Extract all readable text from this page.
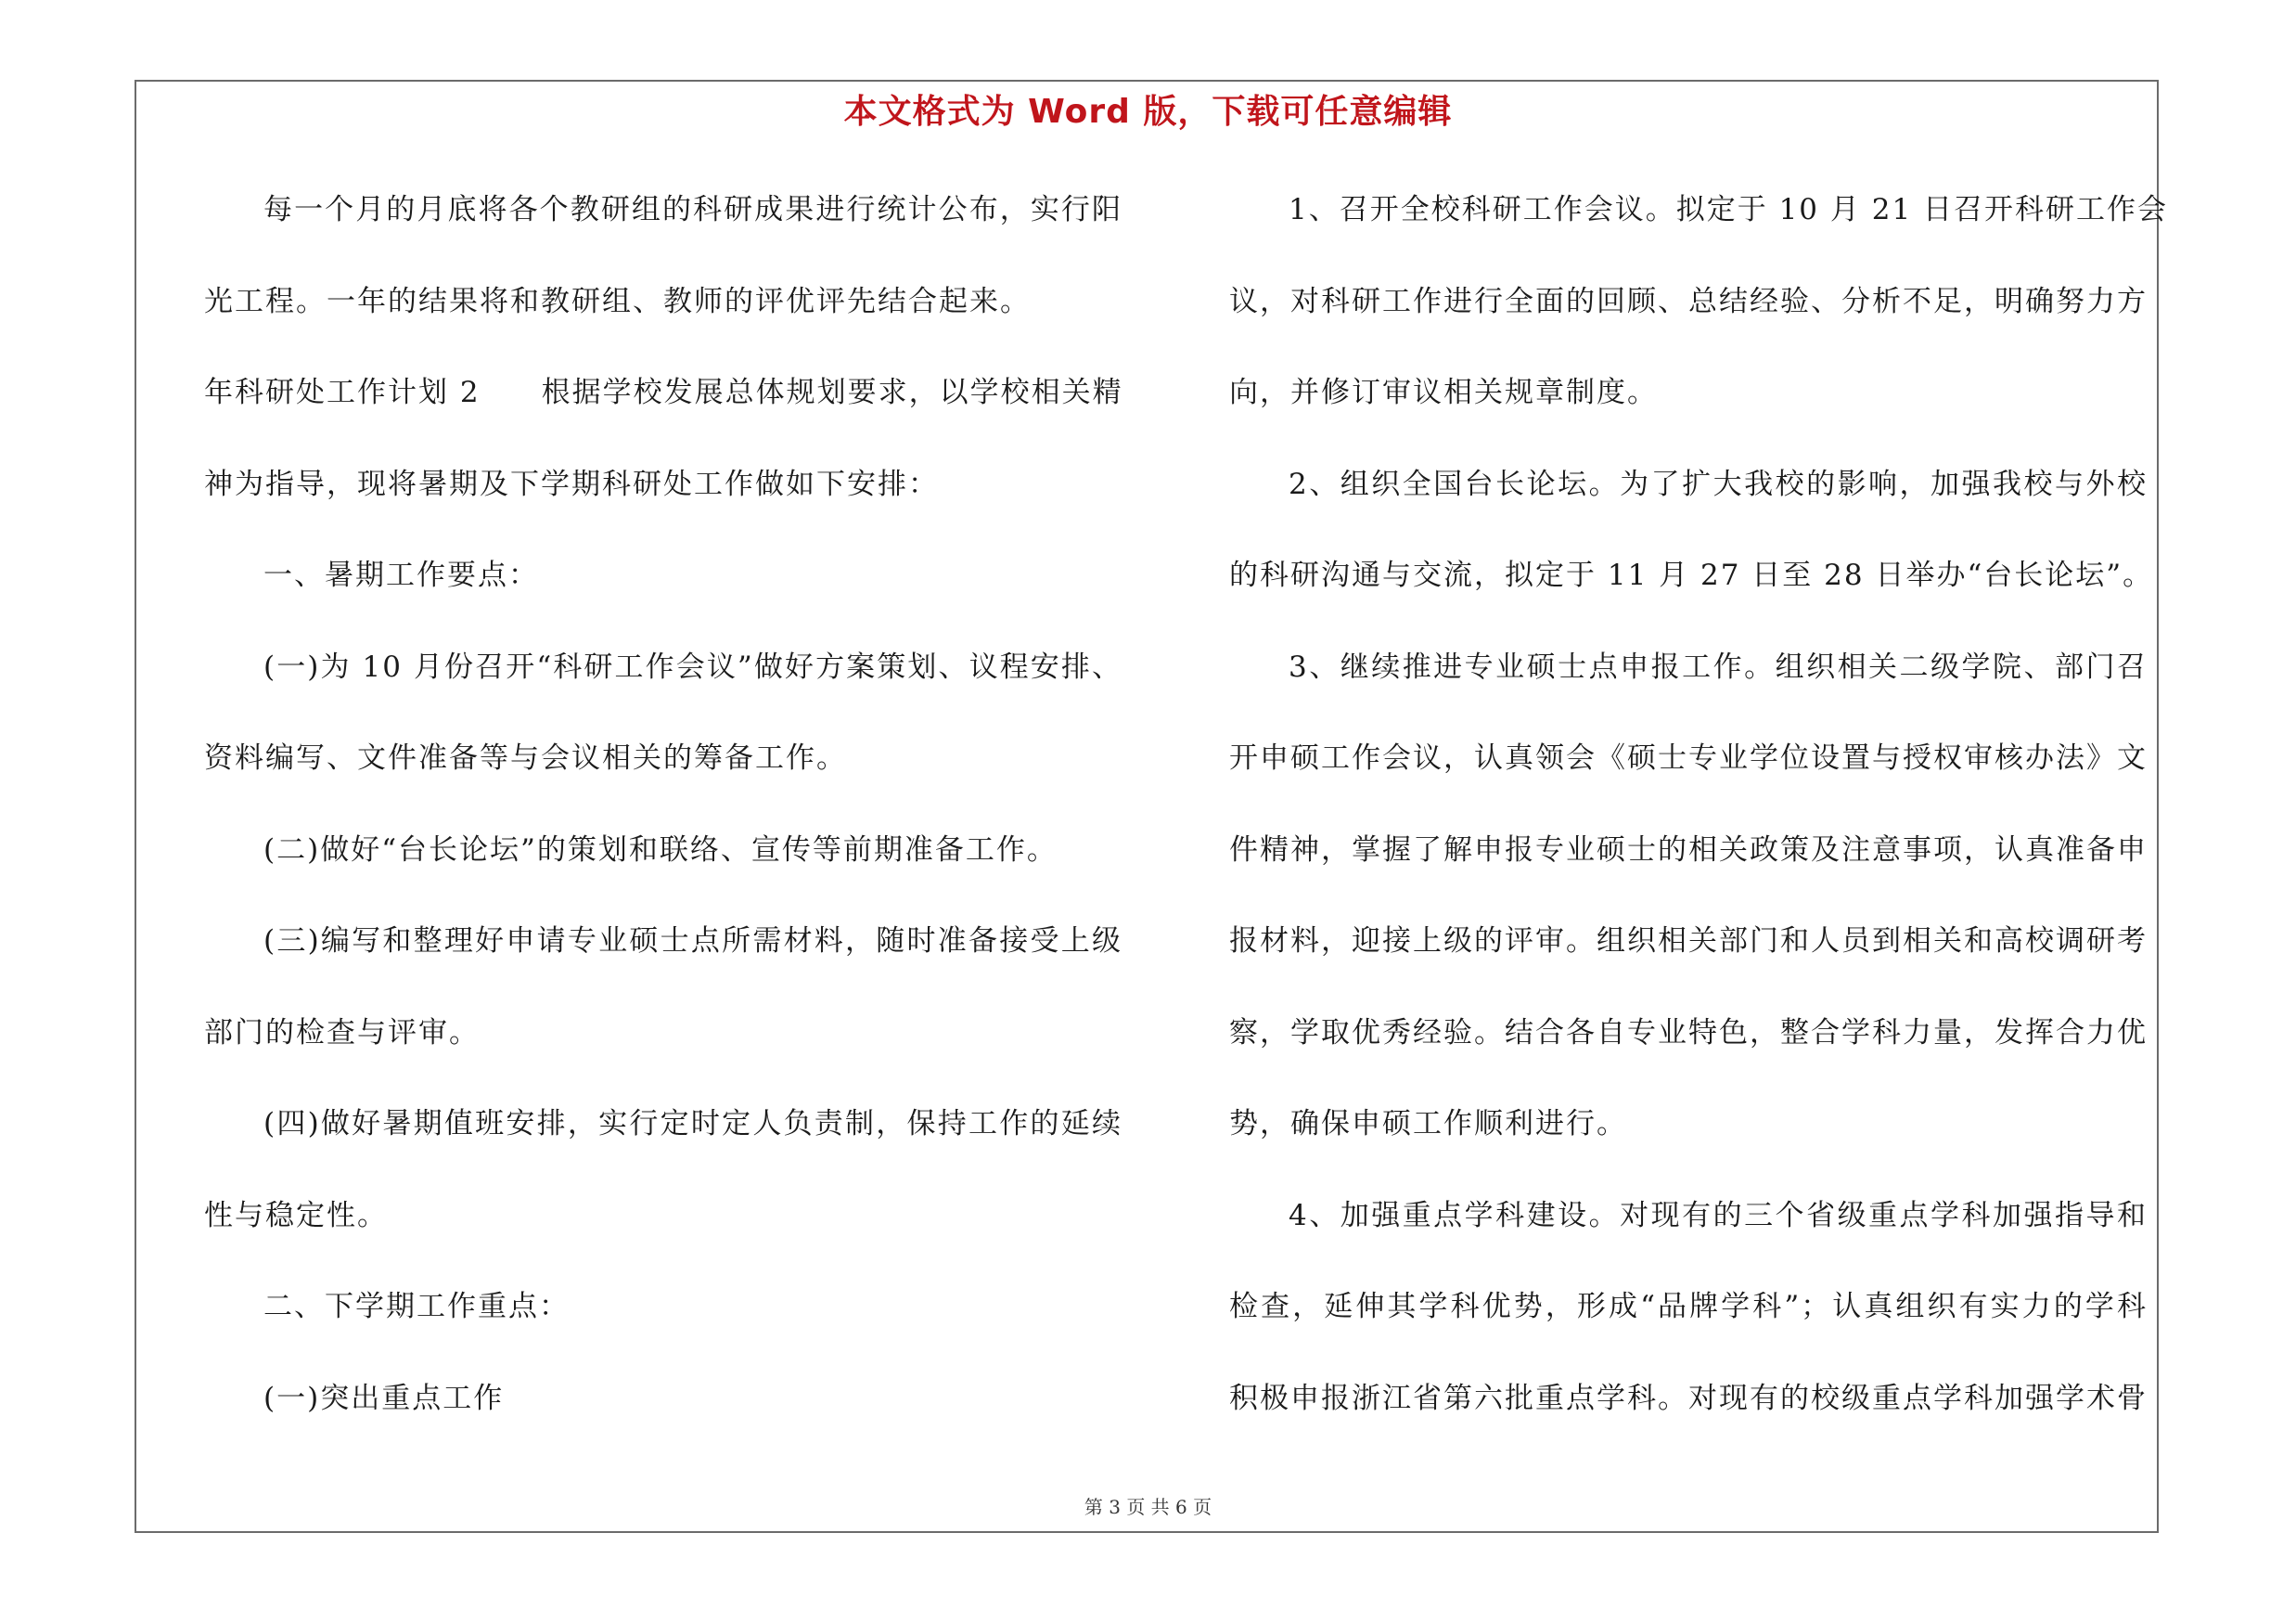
本文格式为 Word 版，下载可任意编辑
每一个月的月底将各个教研组的科研成果进行统计公布，实行阳
光工程。一年的结果将和教研组、教师的评优评先结合起来。
年科研处工作计划 2　　根据学校发展总体规划要求，以学校相关精
神为指导，现将暑期及下学期科研处工作做如下安排：
一、暑期工作要点：
(一)为 10 月份召开“科研工作会议”做好方案策划、议程安排、
资料编写、文件准备等与会议相关的筹备工作。
(二)做好“台长论坛”的策划和联络、宣传等前期准备工作。
(三)编写和整理好申请专业硕士点所需材料，随时准备接受上级
部门的检查与评审。
(四)做好暑期值班安排，实行定时定人负责制，保持工作的延续
性与稳定性。
二、下学期工作重点：
(一)突出重点工作
1、召开全校科研工作会议。拟定于 10 月 21 日召开科研工作会
议，对科研工作进行全面的回顾、总结经验、分析不足，明确努力方
向，并修订审议相关规章制度。
2、组织全国台长论坛。为了扩大我校的影响，加强我校与外校
的科研沟通与交流，拟定于 11 月 27 日至 28 日举办“台长论坛”。
3、继续推进专业硕士点申报工作。组织相关二级学院、部门召
开申硕工作会议，认真领会《硕士专业学位设置与授权审核办法》文
件精神，掌握了解申报专业硕士的相关政策及注意事项，认真准备申
报材料，迎接上级的评审。组织相关部门和人员到相关和高校调研考
察，学取优秀经验。结合各自专业特色，整合学科力量，发挥合力优
势，确保申硕工作顺利进行。
4、加强重点学科建设。对现有的三个省级重点学科加强指导和
检查，延伸其学科优势，形成“品牌学科”；认真组织有实力的学科
积极申报浙江省第六批重点学科。对现有的校级重点学科加强学术骨
第 3 页 共 6 页
